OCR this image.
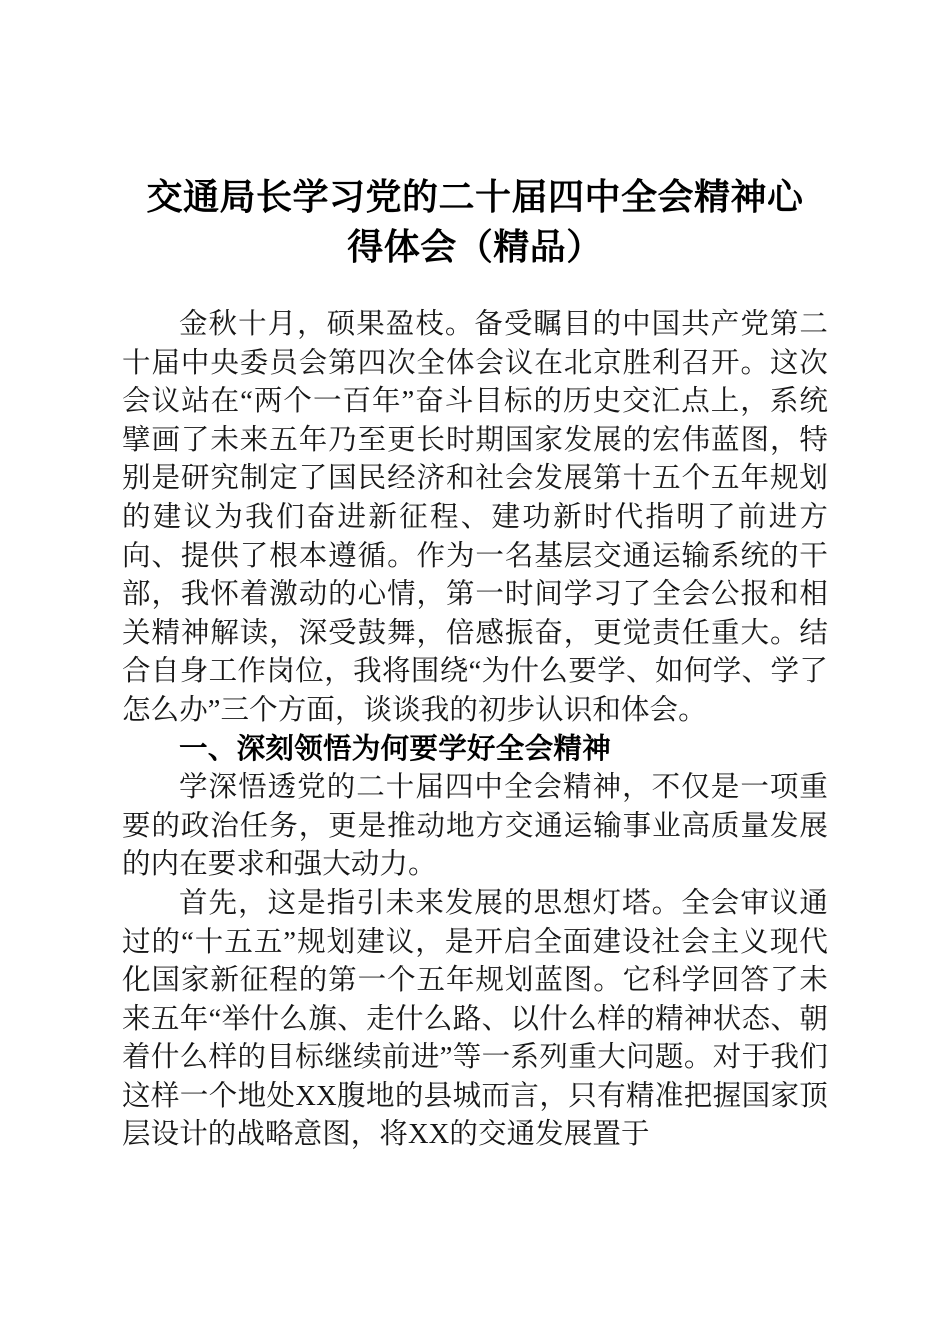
交通局长学习党的二十届四中全会精神心
得体会（精品）

金秋十月，硕果盈枝。备受瞩目的中国共产党第二十届中央委员会第四次全体会议在北京胜利召开。这次会议站在“两个一百年”奋斗目标的历史交汇点上，系统擘画了未来五年乃至更长时期国家发展的宏伟蓝图，特别是研究制定了国民经济和社会发展第十五个五年规划的建议为我们奋进新征程、建功新时代指明了前进方向、提供了根本遵循。作为一名基层交通运输系统的干部，我怀着激动的心情，第一时间学习了全会公报和相关精神解读，深受鼓舞，倍感振奋，更觉责任重大。结合自身工作岗位，我将围绕“为什么要学、如何学、学了怎么办”三个方面，谈谈我的初步认识和体会。

一、深刻领悟为何要学好全会精神

学深悟透党的二十届四中全会精神，不仅是一项重要的政治任务，更是推动地方交通运输事业高质量发展的内在要求和强大动力。

首先，这是指引未来发展的思想灯塔。全会审议通过的“十五五”规划建议，是开启全面建设社会主义现代化国家新征程的第一个五年规划蓝图。它科学回答了未来五年“举什么旗、走什么路、以什么样的精神状态、朝着什么样的目标继续前进”等一系列重大问题。对于我们这样一个地处XX腹地的县城而言，只有精准把握国家顶层设计的战略意图，将XX的交通发展置于
